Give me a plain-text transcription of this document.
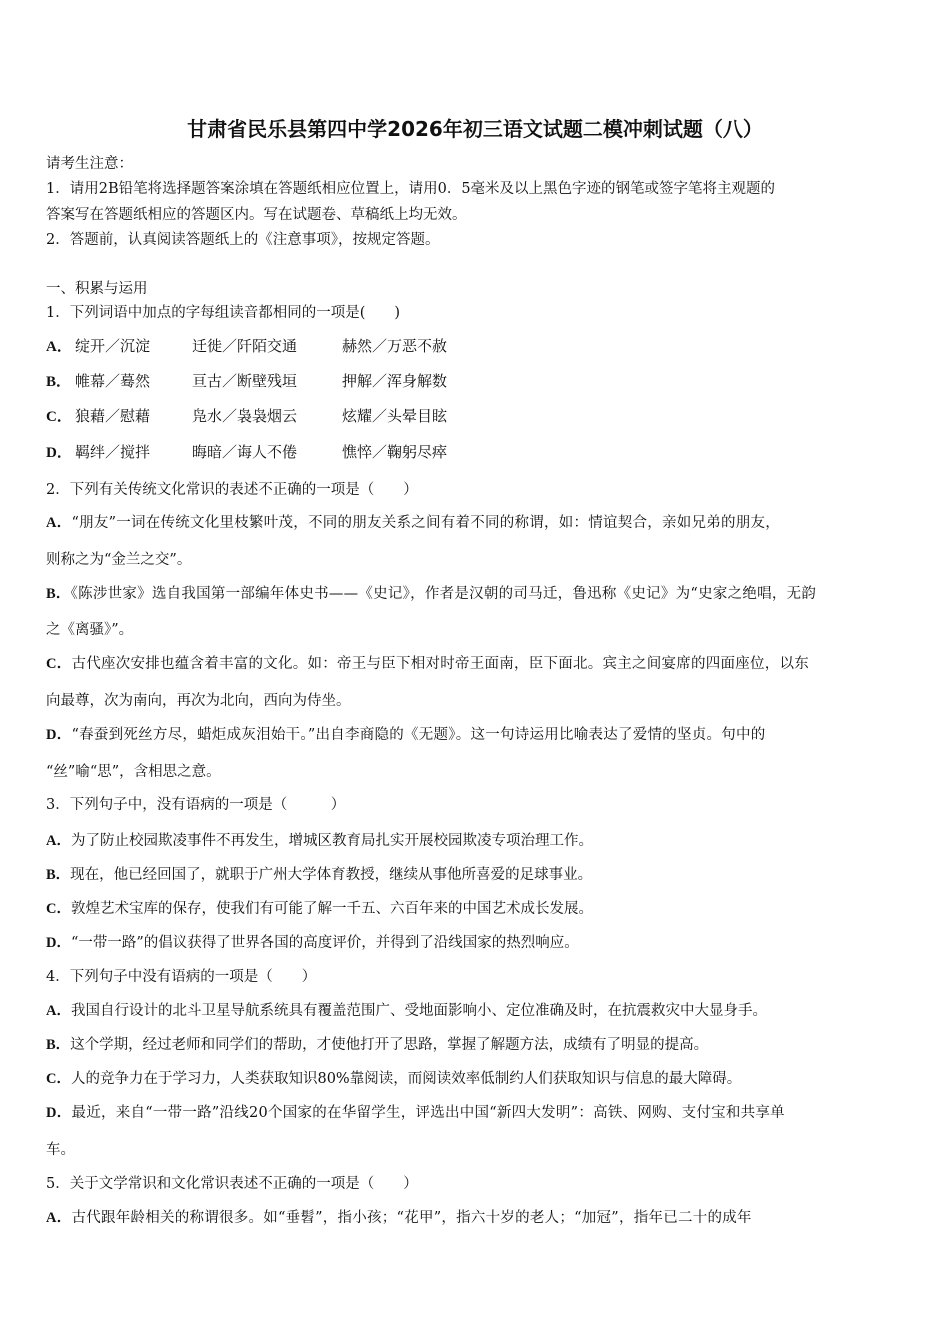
甘肃省民乐县第四中学2026年初三语文试题二模冲刺试题（八）
请考生注意：
1．请用2B铅笔将选择题答案涂填在答题纸相应位置上，请用0．5毫米及以上黑色字迹的钢笔或签字笔将主观题的
答案写在答题纸相应的答题区内。写在试题卷、草稿纸上均无效。
2．答题前，认真阅读答题纸上的《注意事项》，按规定答题。
一、积累与运用
1．下列词语中加点的字每组读音都相同的一项是(　　)
A． 绽开／沉淀	迁徙／阡陌交通	赫然／万恶不赦
B． 帷幕／蓦然	亘古／断壁残垣	押解／浑身解数
C． 狼藉／慰藉	凫水／袅袅烟云	炫耀／头晕目眩
D． 羁绊／搅拌	晦暗／诲人不倦	憔悴／鞠躬尽瘁
2．下列有关传统文化常识的表述不正确的一项是（　　）
A．“朋友”一词在传统文化里枝繁叶茂，不同的朋友关系之间有着不同的称谓，如：情谊契合，亲如兄弟的朋友，
则称之为“金兰之交”。
B．《陈涉世家》选自我国第一部编年体史书——《史记》，作者是汉朝的司马迁，鲁迅称《史记》为“史家之绝唱，无韵
之《离骚》”。
C．古代座次安排也蕴含着丰富的文化。如：帝王与臣下相对时帝王面南，臣下面北。宾主之间宴席的四面座位，以东
向最尊，次为南向，再次为北向，西向为侍坐。
D．“春蚕到死丝方尽，蜡炬成灰泪始干。”出自李商隐的《无题》。这一句诗运用比喻表达了爱情的坚贞。句中的
“丝”喻“思”，含相思之意。
3．下列句子中，没有语病的一项是（　　　）
A．为了防止校园欺凌事件不再发生，增城区教育局扎实开展校园欺凌专项治理工作。
B．现在，他已经回国了，就职于广州大学体育教授，继续从事他所喜爱的足球事业。
C．敦煌艺术宝库的保存，使我们有可能了解一千五、六百年来的中国艺术成长发展。
D．“一带一路”的倡议获得了世界各国的高度评价，并得到了沿线国家的热烈响应。
4．下列句子中没有语病的一项是（　　）
A．我国自行设计的北斗卫星导航系统具有覆盖范围广、受地面影响小、定位准确及时，在抗震救灾中大显身手。
B．这个学期，经过老师和同学们的帮助，才使他打开了思路，掌握了解题方法，成绩有了明显的提高。
C．人的竞争力在于学习力，人类获取知识80%靠阅读，而阅读效率低制约人们获取知识与信息的最大障碍。
D．最近，来自“一带一路”沿线20个国家的在华留学生，评选出中国“新四大发明”：高铁、网购、支付宝和共享单
车。
5．关于文学常识和文化常识表述不正确的一项是（　　）
A．古代跟年龄相关的称谓很多。如“垂髫”，指小孩；“花甲”，指六十岁的老人；“加冠”，指年已二十的成年
